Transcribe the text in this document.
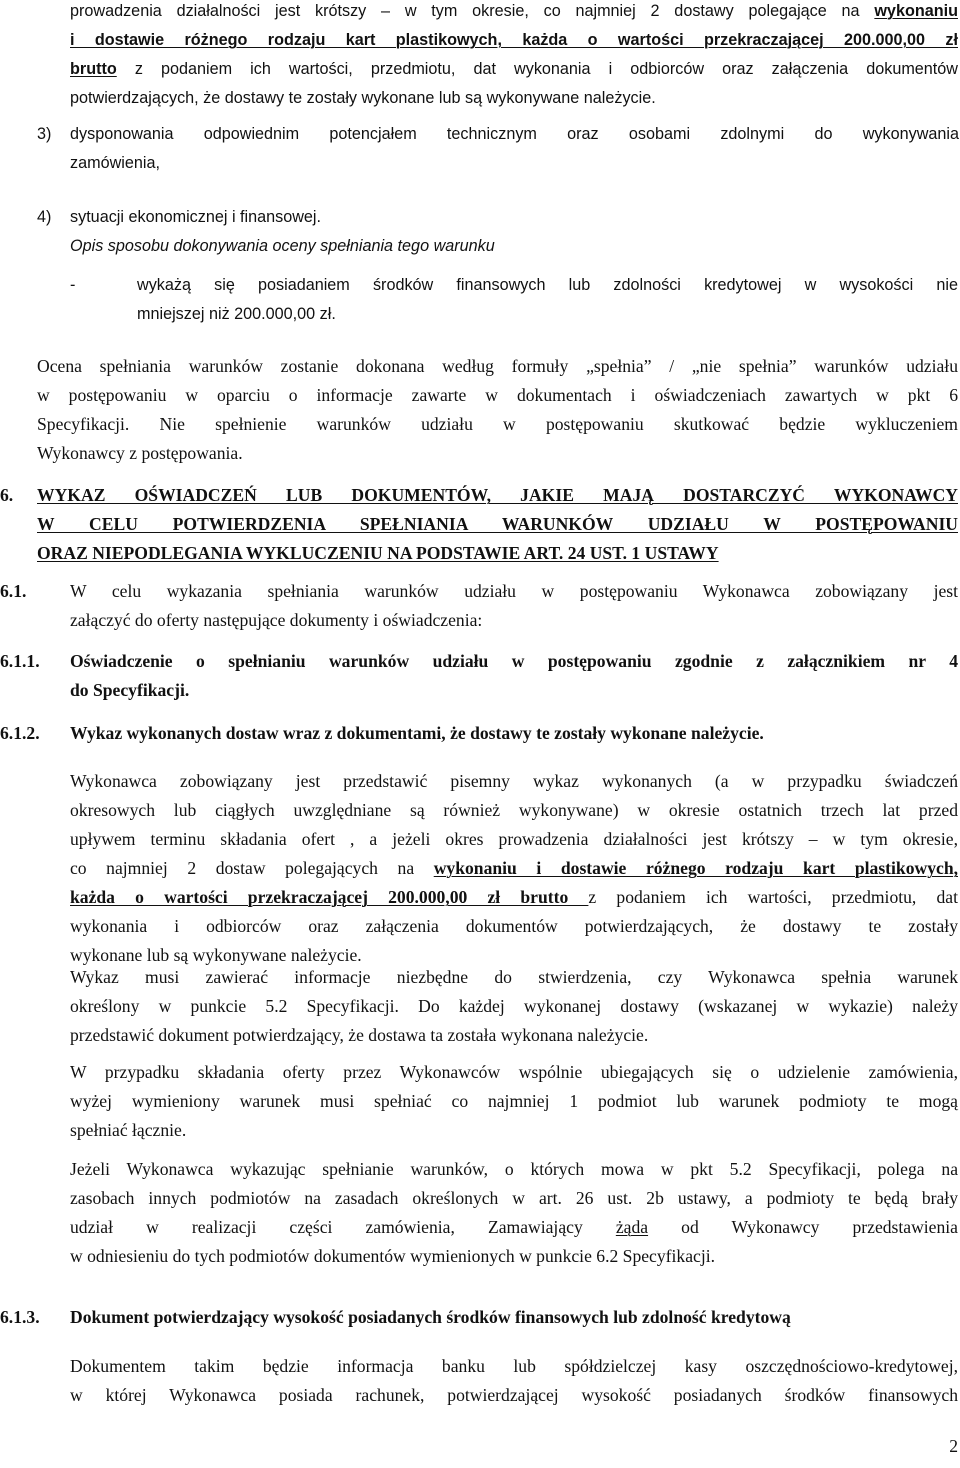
prowadzenia działalności jest krótszy – w tym okresie, co najmniej 2 dostawy polegające na wykonaniu
i dostawie różnego rodzaju kart plastikowych, każda o wartości przekraczającej 200.000,00 zł
brutto z podaniem ich wartości, przedmiotu, dat wykonania i odbiorców oraz załączenia dokumentów
potwierdzających, że dostawy te zostały wykonane lub są wykonywane należycie.
3) dysponowania odpowiednim potencjałem technicznym oraz osobami zdolnymi do wykonywania
zamówienia,
4) sytuacji ekonomicznej i finansowej.
Opis sposobu dokonywania oceny spełniania tego warunku
-	wykażą się posiadaniem środków finansowych lub zdolności kredytowej w wysokości nie
mniejszej niż 200.000,00 zł.
Ocena spełniania warunków zostanie dokonana według formuły „spełnia” / „nie spełnia” warunków udziału
w postępowaniu w oparciu o informacje zawarte w dokumentach i oświadczeniach zawartych w pkt 6
Specyfikacji. Nie spełnienie warunków udziału w postępowaniu skutkować będzie wykluczeniem
Wykonawcy z postępowania.
6. WYKAZ OŚWIADCZEŃ LUB DOKUMENTÓW, JAKIE MAJĄ DOSTARCZYĆ WYKONAWCY
W CELU POTWIERDZENIA SPEŁNIANIA WARUNKÓW UDZIAŁU W POSTĘPOWANIU
ORAZ NIEPODLEGANIA WYKLUCZENIU NA PODSTAWIE ART. 24 UST. 1 USTAWY
6.1. W celu wykazania spełniania warunków udziału w postępowaniu Wykonawca zobowiązany jest
załączyć do oferty następujące dokumenty i oświadczenia:
6.1.1. Oświadczenie o spełnianiu warunków udziału w postępowaniu zgodnie z załącznikiem nr 4
do Specyfikacji.
6.1.2. Wykaz wykonanych dostaw wraz z dokumentami, że dostawy te zostały wykonane należycie.
Wykonawca zobowiązany jest przedstawić pisemny wykaz wykonanych (a w przypadku świadczeń
okresowych lub ciągłych uwzględniane są również wykonywane) w okresie ostatnich trzech lat przed
upływem terminu składania ofert , a jeżeli okres prowadzenia działalności jest krótszy – w tym okresie,
co najmniej 2 dostaw polegających na wykonaniu i dostawie różnego rodzaju kart plastikowych,
każda o wartości przekraczającej 200.000,00 zł brutto z podaniem ich wartości, przedmiotu, dat
wykonania i odbiorców oraz załączenia dokumentów potwierdzających, że dostawy te zostały
wykonane lub są wykonywane należycie.
Wykaz musi zawierać informacje niezbędne do stwierdzenia, czy Wykonawca spełnia warunek
określony w punkcie 5.2 Specyfikacji. Do każdej wykonanej dostawy (wskazanej w wykazie) należy
przedstawić dokument potwierdzający, że dostawa ta została wykonana należycie.
W przypadku składania oferty przez Wykonawców wspólnie ubiegających się o udzielenie zamówienia,
wyżej wymieniony warunek musi spełniać co najmniej 1 podmiot lub warunek podmioty te mogą
spełniać łącznie.
Jeżeli Wykonawca wykazując spełnianie warunków, o których mowa w pkt 5.2 Specyfikacji, polega na
zasobach innych podmiotów na zasadach określonych w art. 26 ust. 2b ustawy, a podmioty te będą brały
udział w realizacji części zamówienia, Zamawiający żąda od Wykonawcy przedstawienia
w odniesieniu do tych podmiotów dokumentów wymienionych w punkcie 6.2 Specyfikacji.
6.1.3. Dokument potwierdzający wysokość posiadanych środków finansowych lub zdolność kredytową
Dokumentem takim będzie informacja banku lub spółdzielczej kasy oszczędnościowo-kredytowej,
w której Wykonawca posiada rachunek, potwierdzającej wysokość posiadanych środków finansowych
2
